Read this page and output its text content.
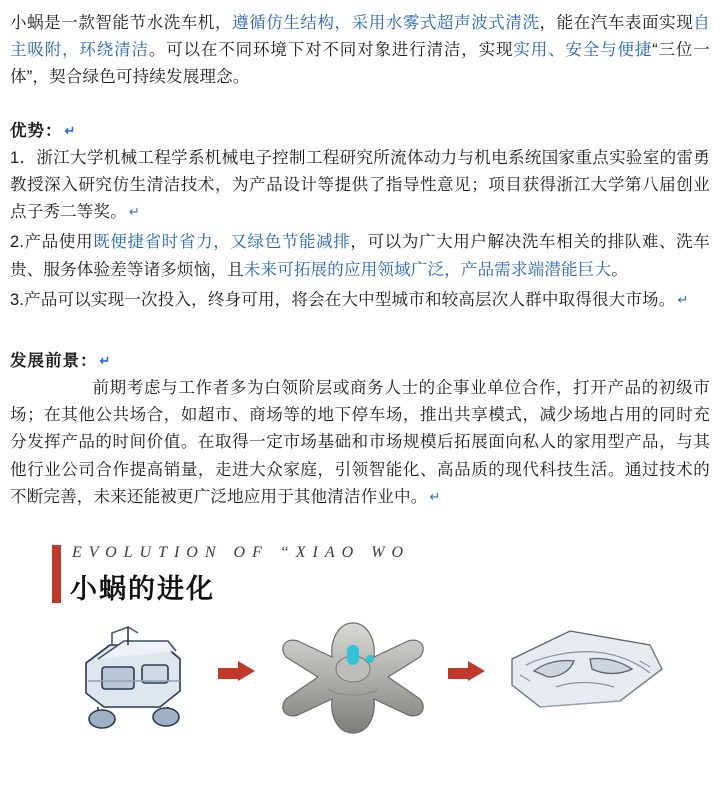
小蜗是一款智能节水洗车机，遵循仿生结构，采用水雾式超声波式清洗，能在汽车表面实现自主吸附，环绕清洁。可以在不同环境下对不同对象进行清洁，实现实用、安全与便捷“三位一体”，契合绿色可持续发展理念。

优势： ↵

1．浙江大学机械工程学系机械电子控制工程研究所流体动力与机电系统国家重点实验室的雷勇教授深入研究仿生清洁技术，为产品设计等提供了指导性意见；项目获得浙江大学第八届创业点子秀二等奖。 ↵

2.产品使用既便捷省时省力，又绿色节能减排，可以为广大用户解决洗车相关的排队难、洗车贵、服务体验差等诸多烦恼，且未来可拓展的应用领域广泛，产品需求端潜能巨大。

3.产品可以实现一次投入，终身可用，将会在大中型城市和较高层次人群中取得很大市场。 ↵

发展前景： ↵

前期考虑与工作者多为白领阶层或商务人士的企事业单位合作，打开产品的初级市场；在其他公共场合，如超市、商场等的地下停车场，推出共享模式，减少场地占用的同时充分发挥产品的时间价值。在取得一定市场基础和市场规模后拓展面向私人的家用型产品，与其他行业公司合作提高销量，走进大众家庭，引领智能化、高品质的现代科技生活。通过技术的不断完善，未来还能被更广泛地应用于其他清洁作业中。 ↵

EVOLUTION OF “XIAO WO
小蜗的进化
